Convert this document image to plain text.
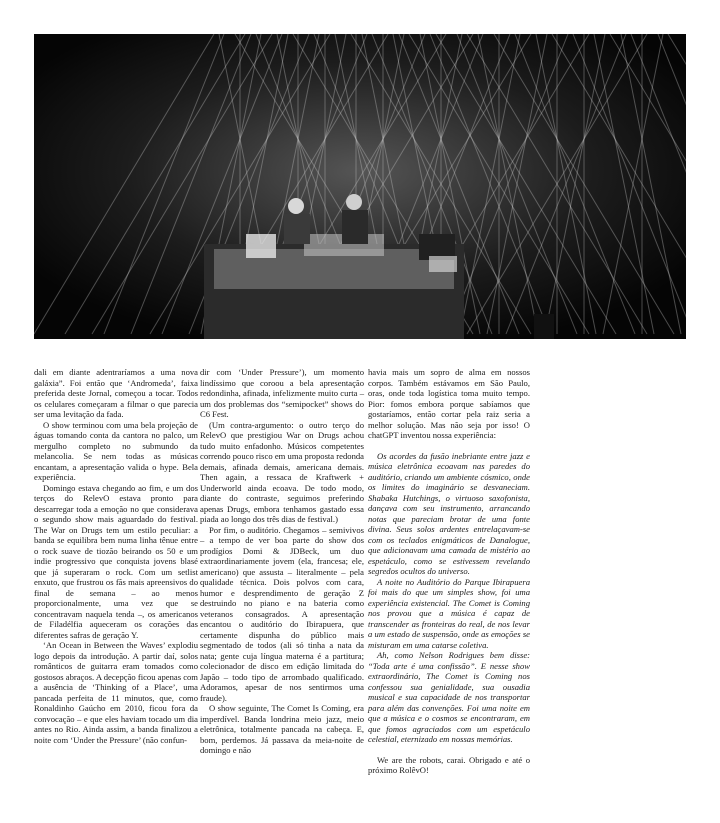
dali em diante adentraríamos a uma nova galáxia”. Foi então que ‘Andromeda’, faixa preferida deste Jornal, começou a tocar. Todos os celulares começaram a filmar o que parecia ser uma levitação da fada.

O show terminou com uma bela projeção de águas tomando conta da cantora no palco, um mergulho completo no submundo da melancolia. Se nem todas as músicas encantam, a apresentação valida o hype. Bela experiência.

Domingo estava chegando ao fim, e um dos terços do RelevO estava pronto para descarregar toda a emoção no que considerava o segundo show mais aguardado do festival. The War on Drugs tem um estilo peculiar: a banda se equilibra bem numa linha tênue entre o rock suave de tiozão beirando os 50 e um indie progressivo que conquista jovens blasé que já superaram o rock. Com um setlist enxuto, que frustrou os fãs mais apreensivos do final de semana – ao menos proporcionalmente, uma vez que se concentravam naquela tenda –, os americanos de Filadélfia aqueceram os corações das diferentes safras de geração Y.

‘An Ocean in Between the Waves’ explodiu logo depois da introdução. A partir daí, solos românticos de guitarra eram tomados como gostosos abraços. A decepção ficou apenas com a ausência de ‘Thinking of a Place’, uma pancada perfeita de 11 minutos, que, como Ronaldinho Gaúcho em 2010, ficou fora da convocação – e que eles haviam tocado um dia antes no Rio. Ainda assim, a banda finalizou a noite com ‘Under the Pressure’ (não confun-

dir com ‘Under Pressure’), um momento lindíssimo que coroou a bela apresentação redondinha, afinada, infelizmente muito curta – um dos problemas dos “semipocket” shows do C6 Fest.

(Um contra-argumento: o outro terço do RelevO que prestigiou War on Drugs achou tudo muito enfadonho. Músicos competentes correndo pouco risco em uma proposta redonda demais, afinada demais, americana demais. Then again, a ressaca de Kraftwerk + Underworld ainda ecoava. De todo modo, diante do contraste, seguimos preferindo apenas Drugs, embora tenhamos gastado essa piada ao longo dos três dias de festival.)

Por fim, o auditório. Chegamos – semivivos – a tempo de ver boa parte do show dos prodígios Domi & JDBeck, um duo extraordinariamente jovem (ela, francesa; ele, americano) que assusta – literalmente – pela qualidade técnica. Dois polvos com cara, humor e desprendimento de geração Z destruindo no piano e na bateria como veteranos consagrados. A apresentação encantou o auditório do Ibirapuera, que certamente dispunha do público mais segmentado de todos (ali só tinha a nata da nata; gente cuja língua materna é a partitura; colecionador de disco em edição limitada do Japão – todo tipo de arrombado qualificado. Adoramos, apesar de nos sentirmos uma fraude).

O show seguinte, The Comet Is Coming, era imperdível. Banda londrina meio jazz, meio eletrônica, totalmente pancada na cabeça. E, bom, perdemos. Já passava da meia-noite de domingo e não

havia mais um sopro de alma em nossos corpos. Também estávamos em São Paulo, oras, onde toda logística toma muito tempo. Pior: fomos embora porque sabíamos que gostaríamos, então cortar pela raiz seria a melhor solução. Mas não seja por isso! O chatGPT inventou nossa experiência:

Os acordes da fusão inebriante entre jazz e música eletrônica ecoavam nas paredes do auditório, criando um ambiente cósmico, onde os limites do imaginário se desvaneciam. Shabaka Hutchings, o virtuoso saxofonista, dançava com seu instrumento, arrancando notas que pareciam brotar de uma fonte divina. Seus solos ardentes entrelaçavam-se com os teclados enigmáticos de Danalogue, que adicionavam uma camada de mistério ao espetáculo, como se estivessem revelando segredos ocultos do universo.

A noite no Auditório do Parque Ibirapuera foi mais do que um simples show, foi uma experiência existencial. The Comet is Coming nos provou que a música é capaz de transcender as fronteiras do real, de nos levar a um estado de suspensão, onde as emoções se misturam em uma catarse coletiva.

Ah, como Nelson Rodrigues bem disse: “Toda arte é uma confissão”. E nesse show extraordinário, The Comet is Coming nos confessou sua genialidade, sua ousadia musical e sua capacidade de nos transportar para além das convenções. Foi uma noite em que a música e o cosmos se encontraram, em que fomos agraciados com um espetáculo celestial, eternizado em nossas memórias.

We are the robots, carai. Obrigado e até o próximo RolêvO!
